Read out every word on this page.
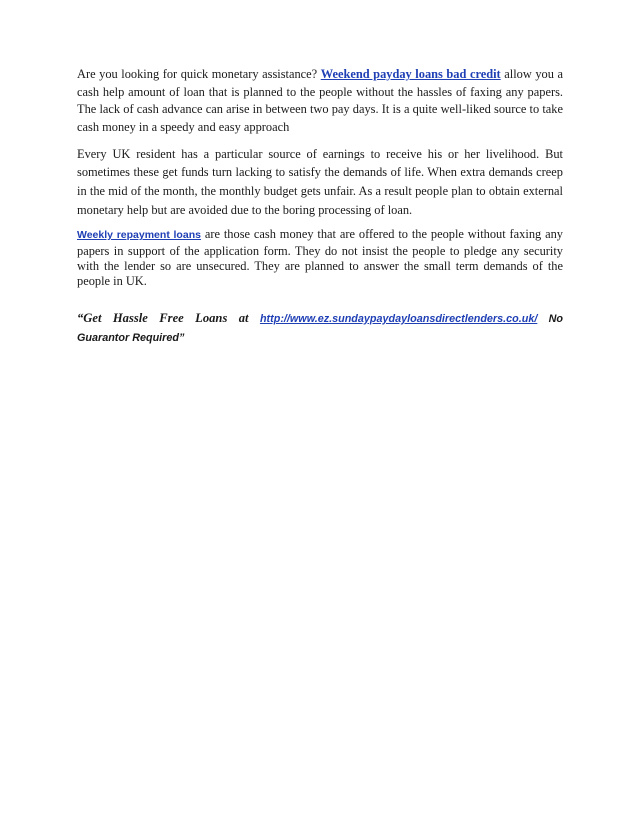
Are you looking for quick monetary assistance? Weekend payday loans bad credit allow you a cash help amount of loan that is planned to the people without the hassles of faxing any papers. The lack of cash advance can arise in between two pay days. It is a quite well-liked source to take cash money in a speedy and easy approach

Every UK resident has a particular source of earnings to receive his or her livelihood. But sometimes these get funds turn lacking to satisfy the demands of life. When extra demands creep in the mid of the month, the monthly budget gets unfair. As a result people plan to obtain external monetary help but are avoided due to the boring processing of loan.

Weekly repayment loans are those cash money that are offered to the people without faxing any papers in support of the application form. They do not insist the people to pledge any security with the lender so are unsecured. They are planned to answer the small term demands of the people in UK.

“Get Hassle Free Loans at http://www.ez.sundaypaydayloansdirectlenders.co.uk/ No Guarantor Required”
